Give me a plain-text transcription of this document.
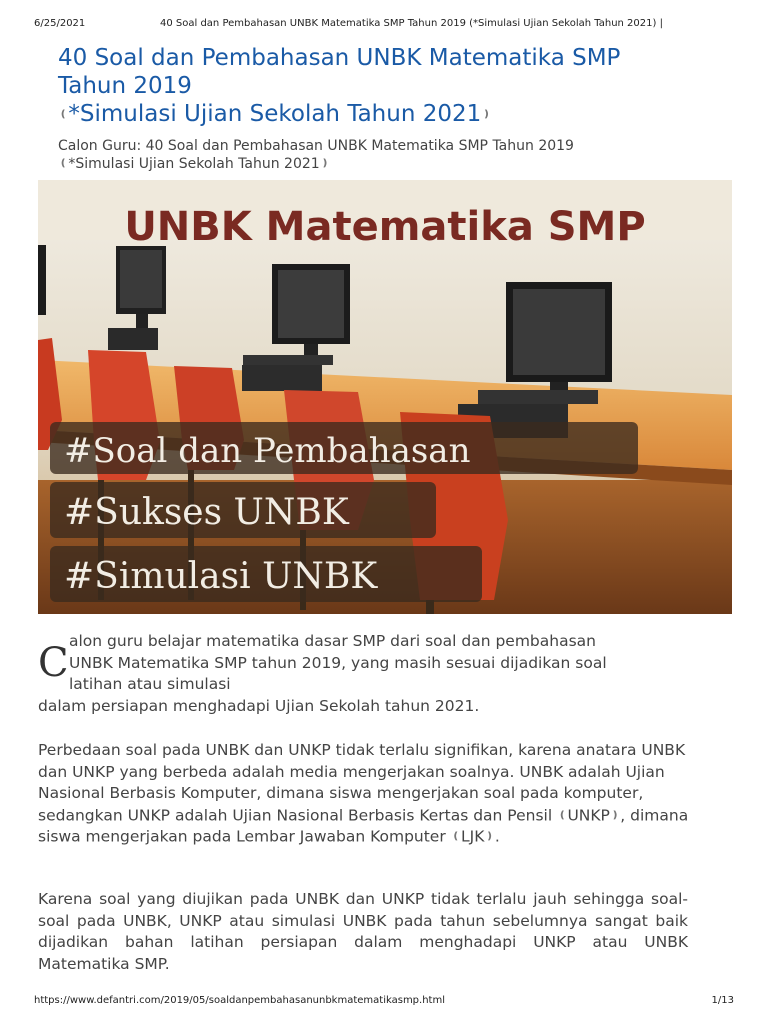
6/25/2021	40 Soal dan Pembahasan UNBK Matematika SMP Tahun 2019 (*Simulasi Ujian Sekolah Tahun 2021) |
40 Soal dan Pembahasan UNBK Matematika SMP
Tahun 2019
❪*Simulasi Ujian Sekolah Tahun 2021❫
Calon Guru: 40 Soal dan Pembahasan UNBK Matematika SMP Tahun 2019
❪*Simulasi Ujian Sekolah Tahun 2021❫
UNBK Matematika SMP
#Soal dan Pembahasan
#Sukses UNBK
#Simulasi UNBK
C alon guru belajar matematika dasar SMP dari soal dan pembahasan
UNBK Matematika SMP tahun 2019, yang masih sesuai dijadikan soal
latihan atau simulasi
dalam persiapan menghadapi Ujian Sekolah tahun 2021.

Perbedaan soal pada UNBK dan UNKP tidak terlalu signifikan, karena anatara UNBK dan UNKP yang berbeda adalah media mengerjakan soalnya. UNBK adalah Ujian Nasional Berbasis Komputer, dimana siswa mengerjakan soal pada komputer, sedangkan UNKP adalah Ujian Nasional Berbasis Kertas dan Pensil ❪UNKP❫, dimana siswa mengerjakan pada Lembar Jawaban Komputer ❪LJK❫.

Karena soal yang diujikan pada UNBK dan UNKP tidak terlalu jauh sehingga soal-soal pada UNBK, UNKP atau simulasi UNBK pada tahun sebelumnya sangat baik dijadikan bahan latihan persiapan dalam menghadapi UNKP atau UNBK Matematika SMP.

https://www.defantri.com/2019/05/soaldanpembahasanunbkmatematikasmp.html	1/13
